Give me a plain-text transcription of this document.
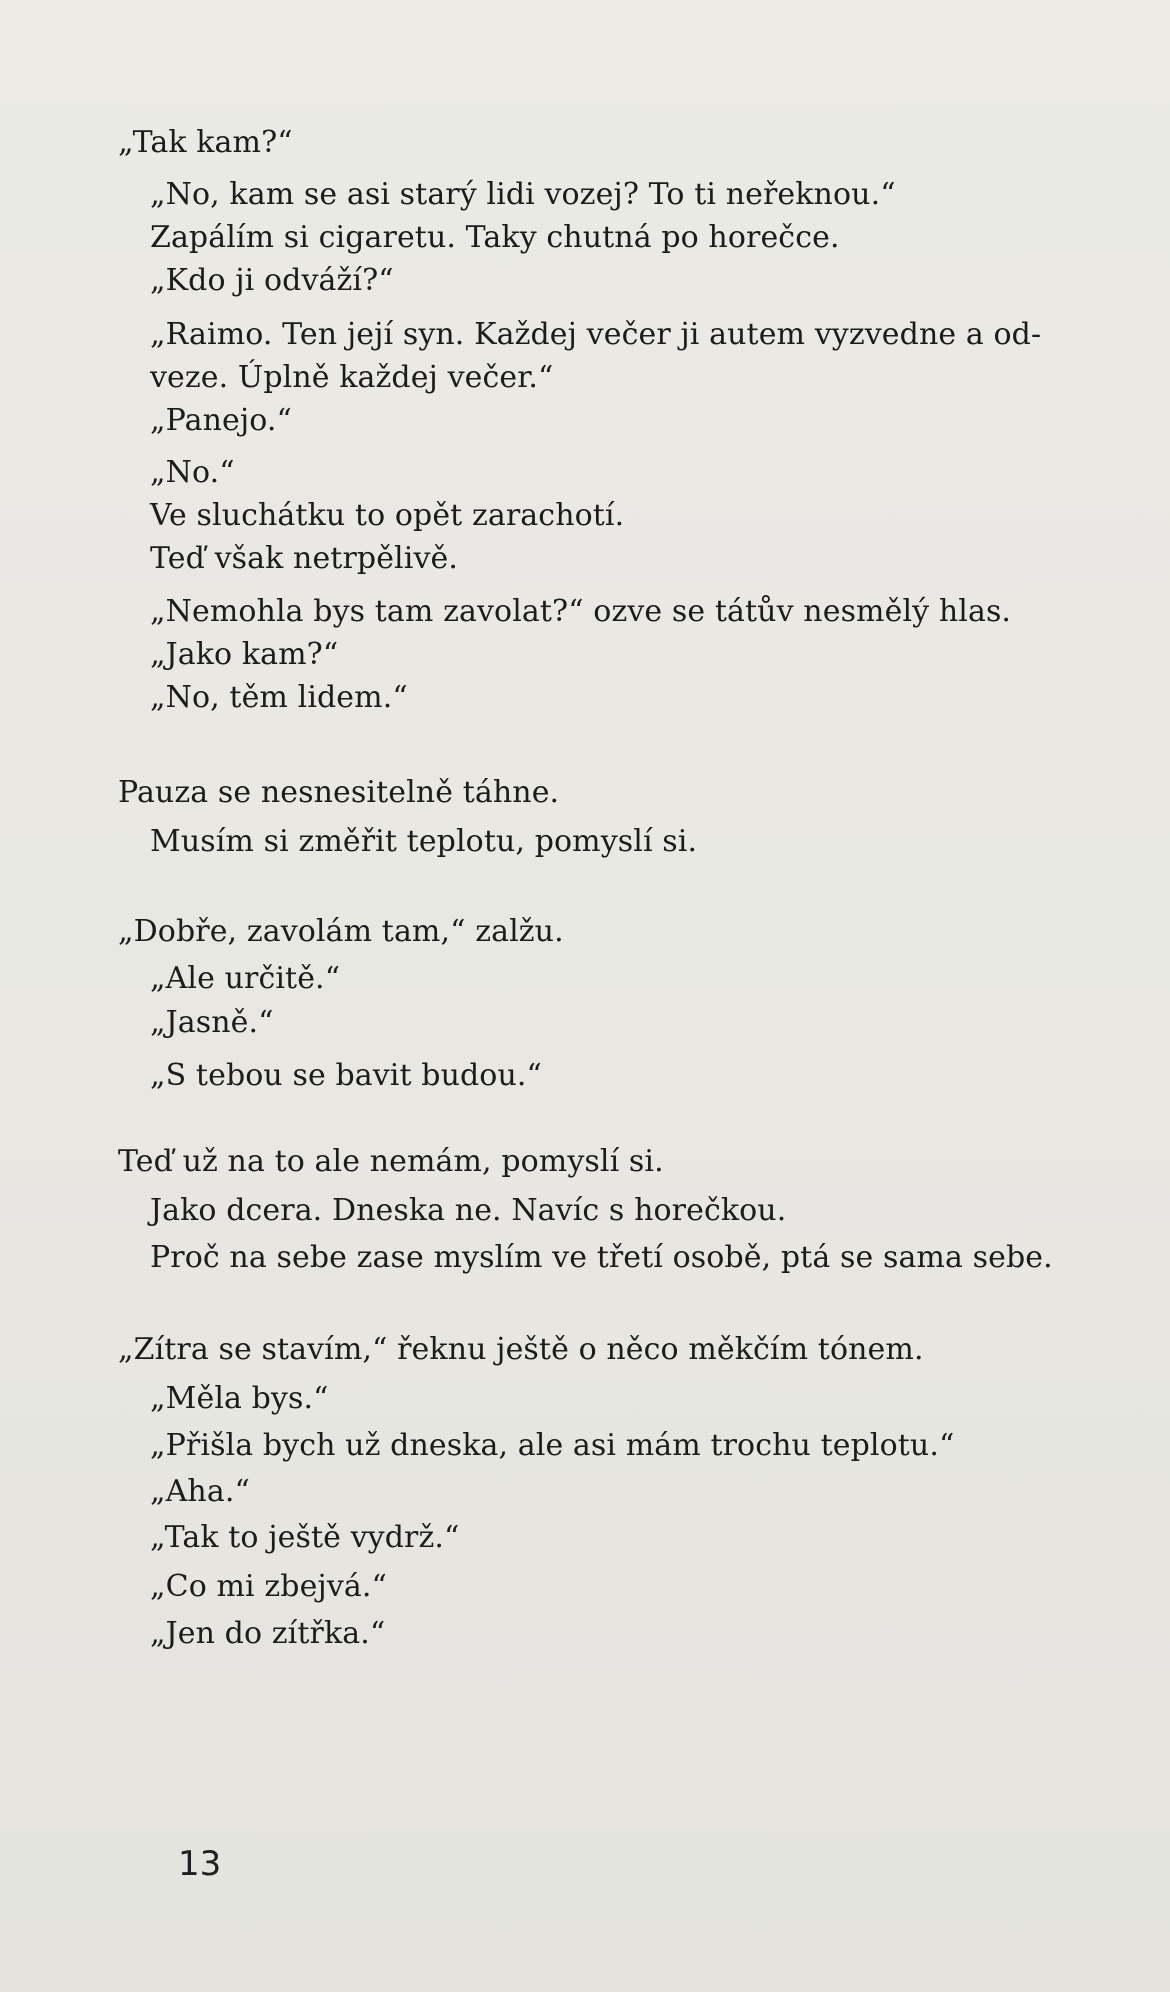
„Tak kam?“
„No, kam se asi starý lidi vozej? To ti neřeknou.“
Zapálím si cigaretu. Taky chutná po horečce.
„Kdo ji odváží?“
„Raimo. Ten její syn. Každej večer ji autem vyzvedne a od-
veze. Úplně každej večer.“
„Panejo.“
„No.“
Ve sluchátku to opět zarachotí.
Teď však netrpělivě.
„Nemohla bys tam zavolat?“ ozve se tátův nesmělý hlas.
„Jako kam?“
„No, těm lidem.“
Pauza se nesnesitelně táhne.
Musím si změřit teplotu, pomyslí si.
„Dobře, zavolám tam,“ zalžu.
„Ale určitě.“
„Jasně.“
„S tebou se bavit budou.“
Teď už na to ale nemám, pomyslí si.
Jako dcera. Dneska ne. Navíc s horečkou.
Proč na sebe zase myslím ve třetí osobě, ptá se sama sebe.
„Zítra se stavím,“ řeknu ještě o něco měkčím tónem.
„Měla bys.“
„Přišla bych už dneska, ale asi mám trochu teplotu.“
„Aha.“
„Tak to ještě vydrž.“
„Co mi zbejvá.“
„Jen do zítřka.“
13
